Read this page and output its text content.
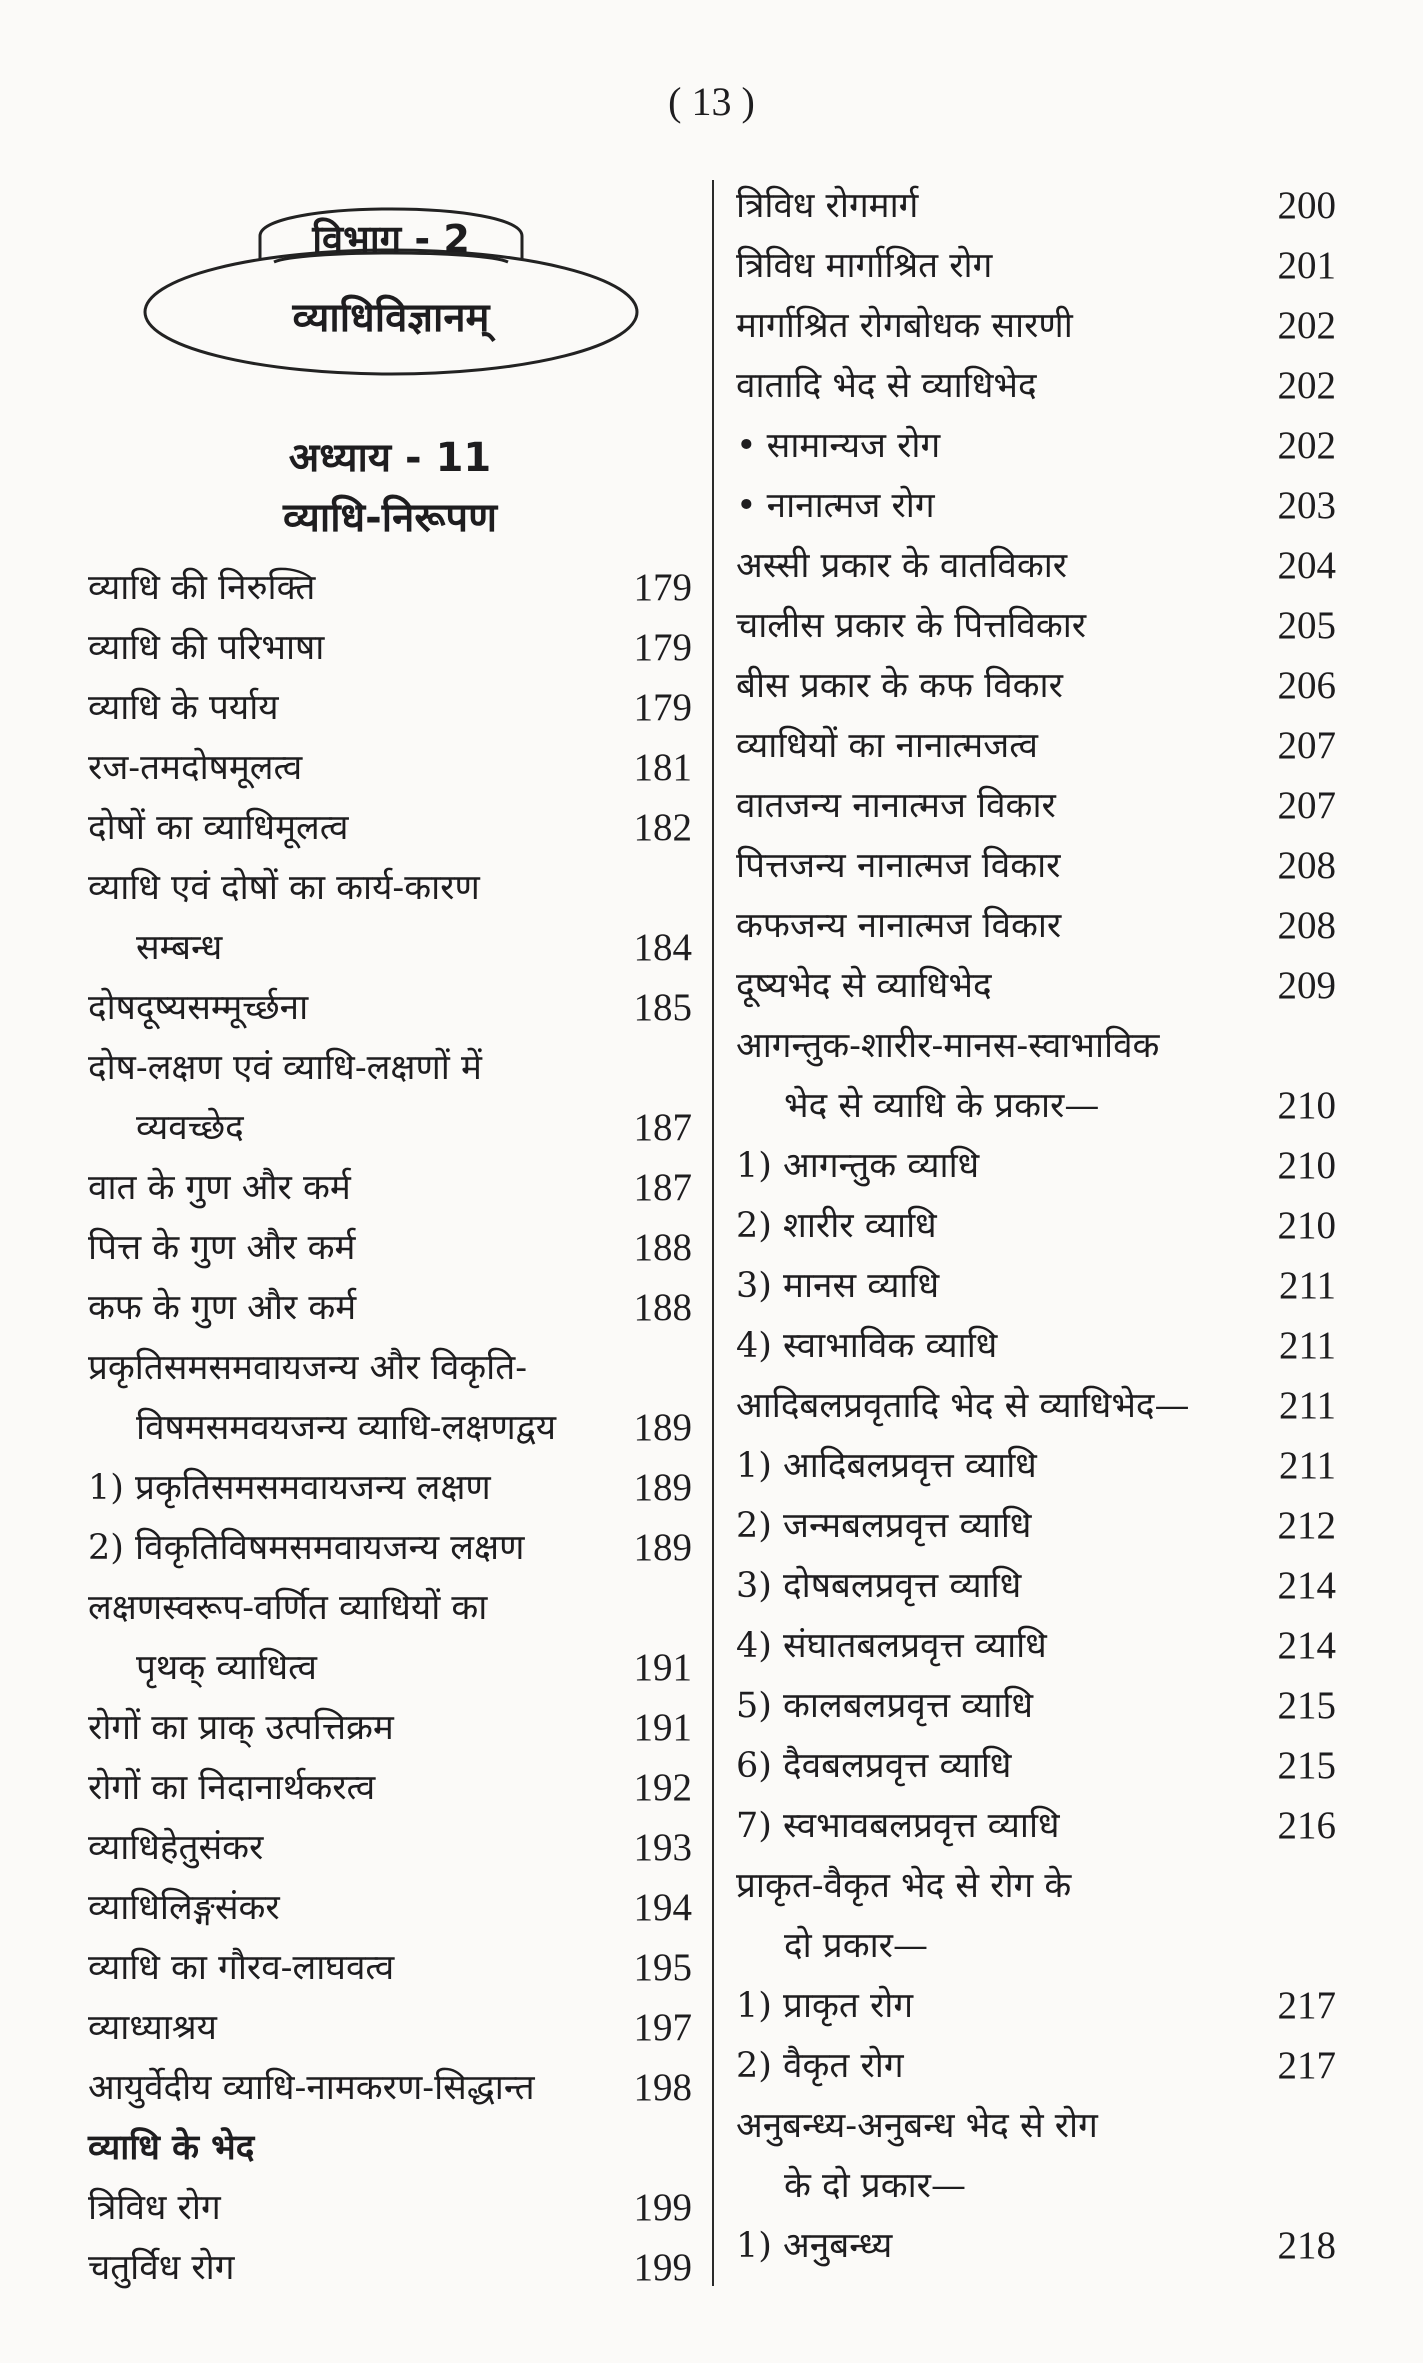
( 13 )
विभाग - 2
व्याधिविज्ञानम्
अध्याय - 11
व्याधि-निरूपण
व्याधि की निरुक्ति	179
व्याधि की परिभाषा	179
व्याधि के पर्याय	179
रज-तमदोषमूलत्व	181
दोषों का व्याधिमूलत्व	182
व्याधि एवं दोषों का कार्य-कारण
सम्बन्ध	184
दोषदूष्यसम्मूर्च्छना	185
दोष-लक्षण एवं व्याधि-लक्षणों में
व्यवच्छेद	187
वात के गुण और कर्म	187
पित्त के गुण और कर्म	188
कफ के गुण और कर्म	188
प्रकृतिसमसमवायजन्य और विकृति-
विषमसमवयजन्य व्याधि-लक्षणद्वय 189
1) प्रकृतिसमसमवायजन्य लक्षण	189
2) विकृतिविषमसमवायजन्य लक्षण	189
लक्षणस्वरूप-वर्णित व्याधियों का
पृथक् व्याधित्व	191
रोगों का प्राक् उत्पत्तिक्रम	191
रोगों का निदानार्थकरत्व	192
व्याधिहेतुसंकर	193
व्याधिलिङ्गसंकर	194
व्याधि का गौरव-लाघवत्व	195
व्याध्याश्रय	197
आयुर्वेदीय व्याधि-नामकरण-सिद्धान्त	198
व्याधि के भेद
त्रिविध रोग	199
चतुर्विध रोग	199
त्रिविध रोगमार्ग	200
त्रिविध मार्गाश्रित रोग	201
मार्गाश्रित रोगबोधक सारणी	202
वातादि भेद से व्याधिभेद	202
• सामान्यज रोग	202
• नानात्मज रोग	203
अस्सी प्रकार के वातविकार	204
चालीस प्रकार के पित्तविकार	205
बीस प्रकार के कफ विकार	206
व्याधियों का नानात्मजत्व	207
वातजन्य नानात्मज विकार	207
पित्तजन्य नानात्मज विकार	208
कफजन्य नानात्मज विकार	208
दूष्यभेद से व्याधिभेद	209
आगन्तुक-शारीर-मानस-स्वाभाविक
भेद से व्याधि के प्रकार—	210
1) आगन्तुक व्याधि	210
2) शारीर व्याधि	210
3) मानस व्याधि	211
4) स्वाभाविक व्याधि	211
आदिबलप्रवृतादि भेद से व्याधिभेद— 211
1) आदिबलप्रवृत्त व्याधि	211
2) जन्मबलप्रवृत्त व्याधि	212
3) दोषबलप्रवृत्त व्याधि	214
4) संघातबलप्रवृत्त व्याधि	214
5) कालबलप्रवृत्त व्याधि	215
6) दैवबलप्रवृत्त व्याधि	215
7) स्वभावबलप्रवृत्त व्याधि	216
प्राकृत-वैकृत भेद से रोग के
दो प्रकार—
1) प्राकृत रोग	217
2) वैकृत रोग	217
अनुबन्ध्य-अनुबन्ध भेद से रोग
के दो प्रकार—
1) अनुबन्ध्य	218
